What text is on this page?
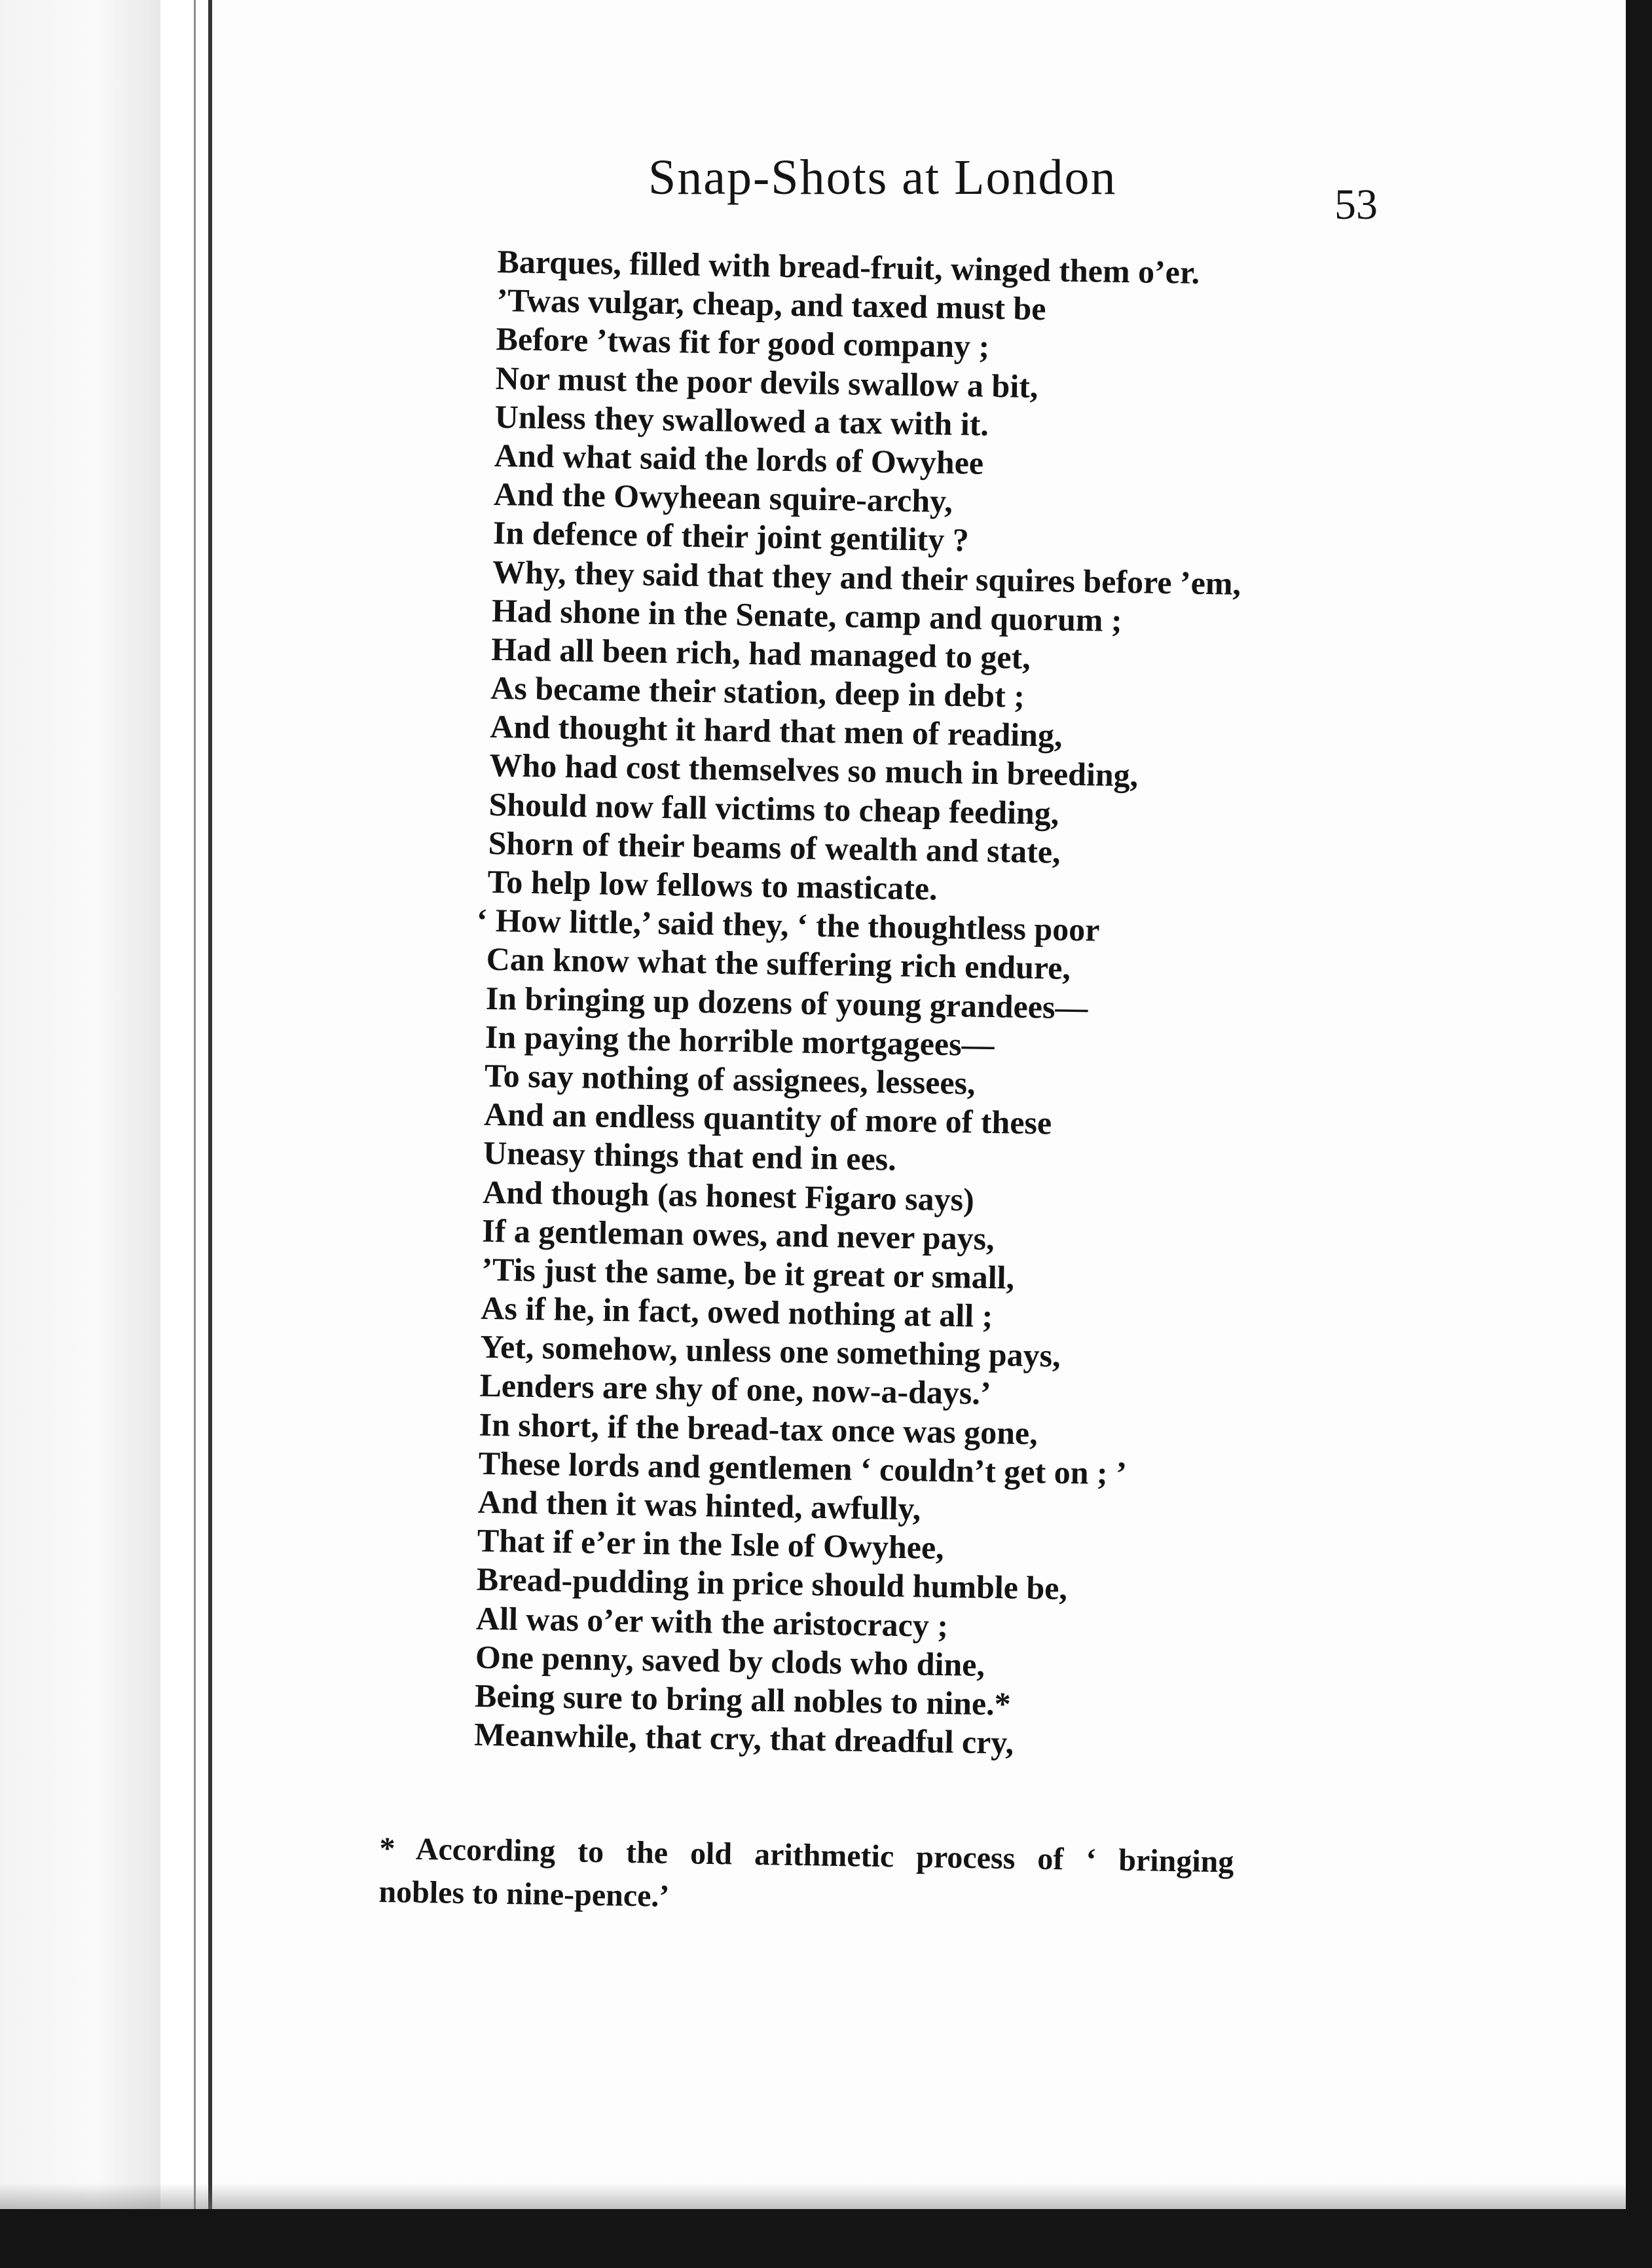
Snap-Shots at London	53
Barques, filled with bread-fruit, winged them o’er.
’Twas vulgar, cheap, and taxed must be
Before ’twas fit for good company ;
Nor must the poor devils swallow a bit,
Unless they swallowed a tax with it.
And what said the lords of Owyhee
And the Owyheean squire-archy,
In defence of their joint gentility ?
Why, they said that they and their squires before ’em,
Had shone in the Senate, camp and quorum ;
Had all been rich, had managed to get,
As became their station, deep in debt ;
And thought it hard that men of reading,
Who had cost themselves so much in breeding,
Should now fall victims to cheap feeding,
Shorn of their beams of wealth and state,
To help low fellows to masticate.
‘ How little,’ said they, ‘ the thoughtless poor
Can know what the suffering rich endure,
In bringing up dozens of young grandees—
In paying the horrible mortgagees—
To say nothing of assignees, lessees,
And an endless quantity of more of these
Uneasy things that end in ees.
And though (as honest Figaro says)
If a gentleman owes, and never pays,
’Tis just the same, be it great or small,
As if he, in fact, owed nothing at all ;
Yet, somehow, unless one something pays,
Lenders are shy of one, now-a-days.’
In short, if the bread-tax once was gone,
These lords and gentlemen ‘ couldn’t get on ; ’
And then it was hinted, awfully,
That if e’er in the Isle of Owyhee,
Bread-pudding in price should humble be,
All was o’er with the aristocracy ;
One penny, saved by clods who dine,
Being sure to bring all nobles to nine.*
Meanwhile, that cry, that dreadful cry,
* According to the old arithmetic process of ‘ bringing
nobles to nine-pence.’
